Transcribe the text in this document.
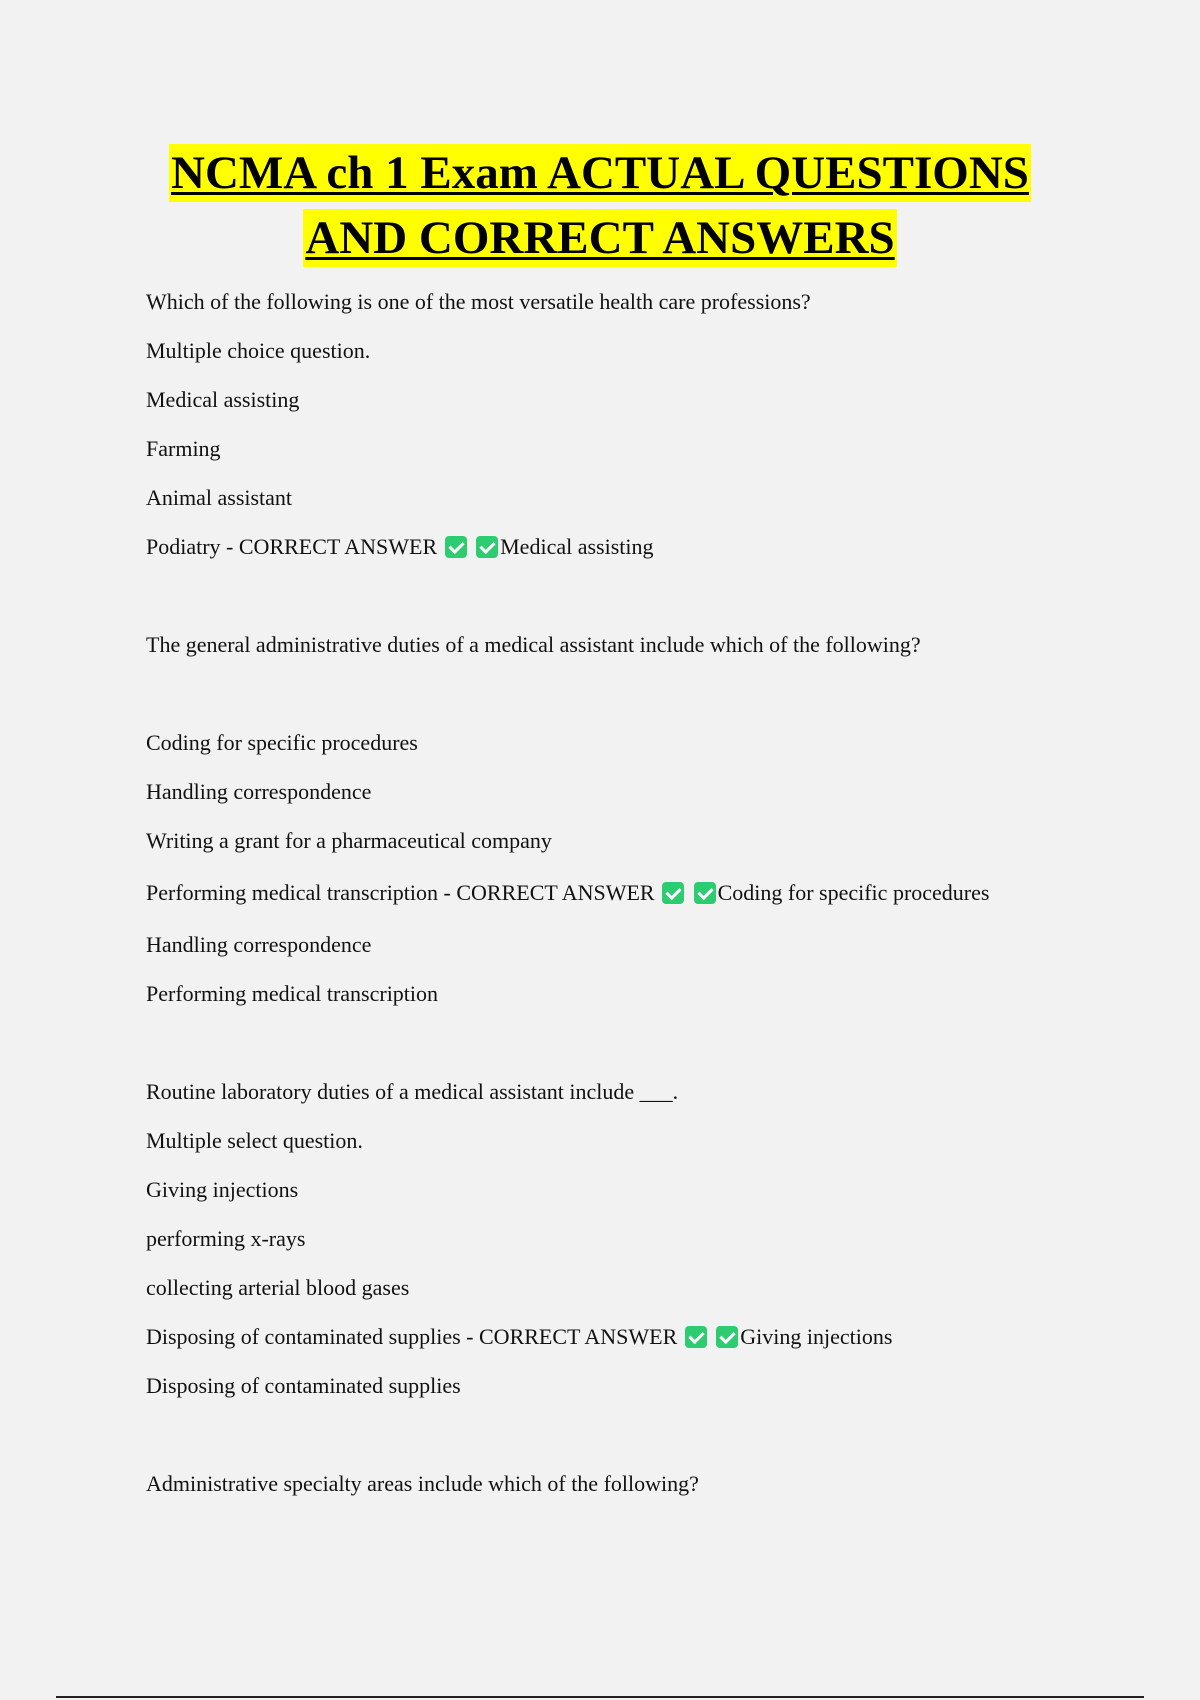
NCMA ch 1 Exam ACTUAL QUESTIONS
AND CORRECT ANSWERS

Which of the following is one of the most versatile health care professions?

Multiple choice question.

Medical assisting

Farming

Animal assistant

Podiatry - CORRECT ANSWER	Medical assisting

The general administrative duties of a medical assistant include which of the following?

Coding for specific procedures

Handling correspondence

Writing a grant for a pharmaceutical company

Performing medical transcription - CORRECT ANSWER	Coding for specific procedures

Handling correspondence

Performing medical transcription

Routine laboratory duties of a medical assistant include ___.

Multiple select question.

Giving injections

performing x-rays

collecting arterial blood gases

Disposing of contaminated supplies - CORRECT ANSWER	Giving injections

Disposing of contaminated supplies

Administrative specialty areas include which of the following?
